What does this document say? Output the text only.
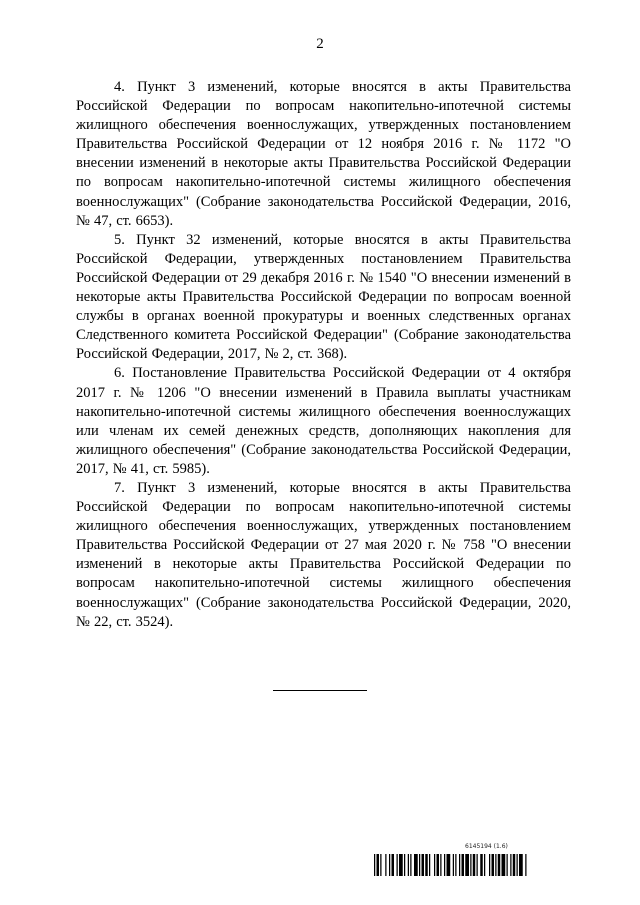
2

4. Пункт 3 изменений, которые вносятся в акты Правительства Российской Федерации по вопросам накопительно-ипотечной системы жилищного обеспечения военнослужащих, утвержденных постановлением Правительства Российской Федерации от 12 ноября 2016 г. № 1172 "О внесении изменений в некоторые акты Правительства Российской Федерации по вопросам накопительно-ипотечной системы жилищного обеспечения военнослужащих" (Собрание законодательства Российской Федерации, 2016, № 47, ст. 6653).

5. Пункт 32 изменений, которые вносятся в акты Правительства Российской Федерации, утвержденных постановлением Правительства Российской Федерации от 29 декабря 2016 г. № 1540 "О внесении изменений в некоторые акты Правительства Российской Федерации по вопросам военной службы в органах военной прокуратуры и военных следственных органах Следственного комитета Российской Федерации" (Собрание законодательства Российской Федерации, 2017, № 2, ст. 368).

6. Постановление Правительства Российской Федерации от 4 октября 2017 г. № 1206 "О внесении изменений в Правила выплаты участникам накопительно-ипотечной системы жилищного обеспечения военнослужащих или членам их семей денежных средств, дополняющих накопления для жилищного обеспечения" (Собрание законодательства Российской Федерации, 2017, № 41, ст. 5985).

7. Пункт 3 изменений, которые вносятся в акты Правительства Российской Федерации по вопросам накопительно-ипотечной системы жилищного обеспечения военнослужащих, утвержденных постановлением Правительства Российской Федерации от 27 мая 2020 г. № 758 "О внесении изменений в некоторые акты Правительства Российской Федерации по вопросам накопительно-ипотечной системы жилищного обеспечения военнослужащих" (Собрание законодательства Российской Федерации, 2020, № 22, ст. 3524).

6145194 (1.6)
